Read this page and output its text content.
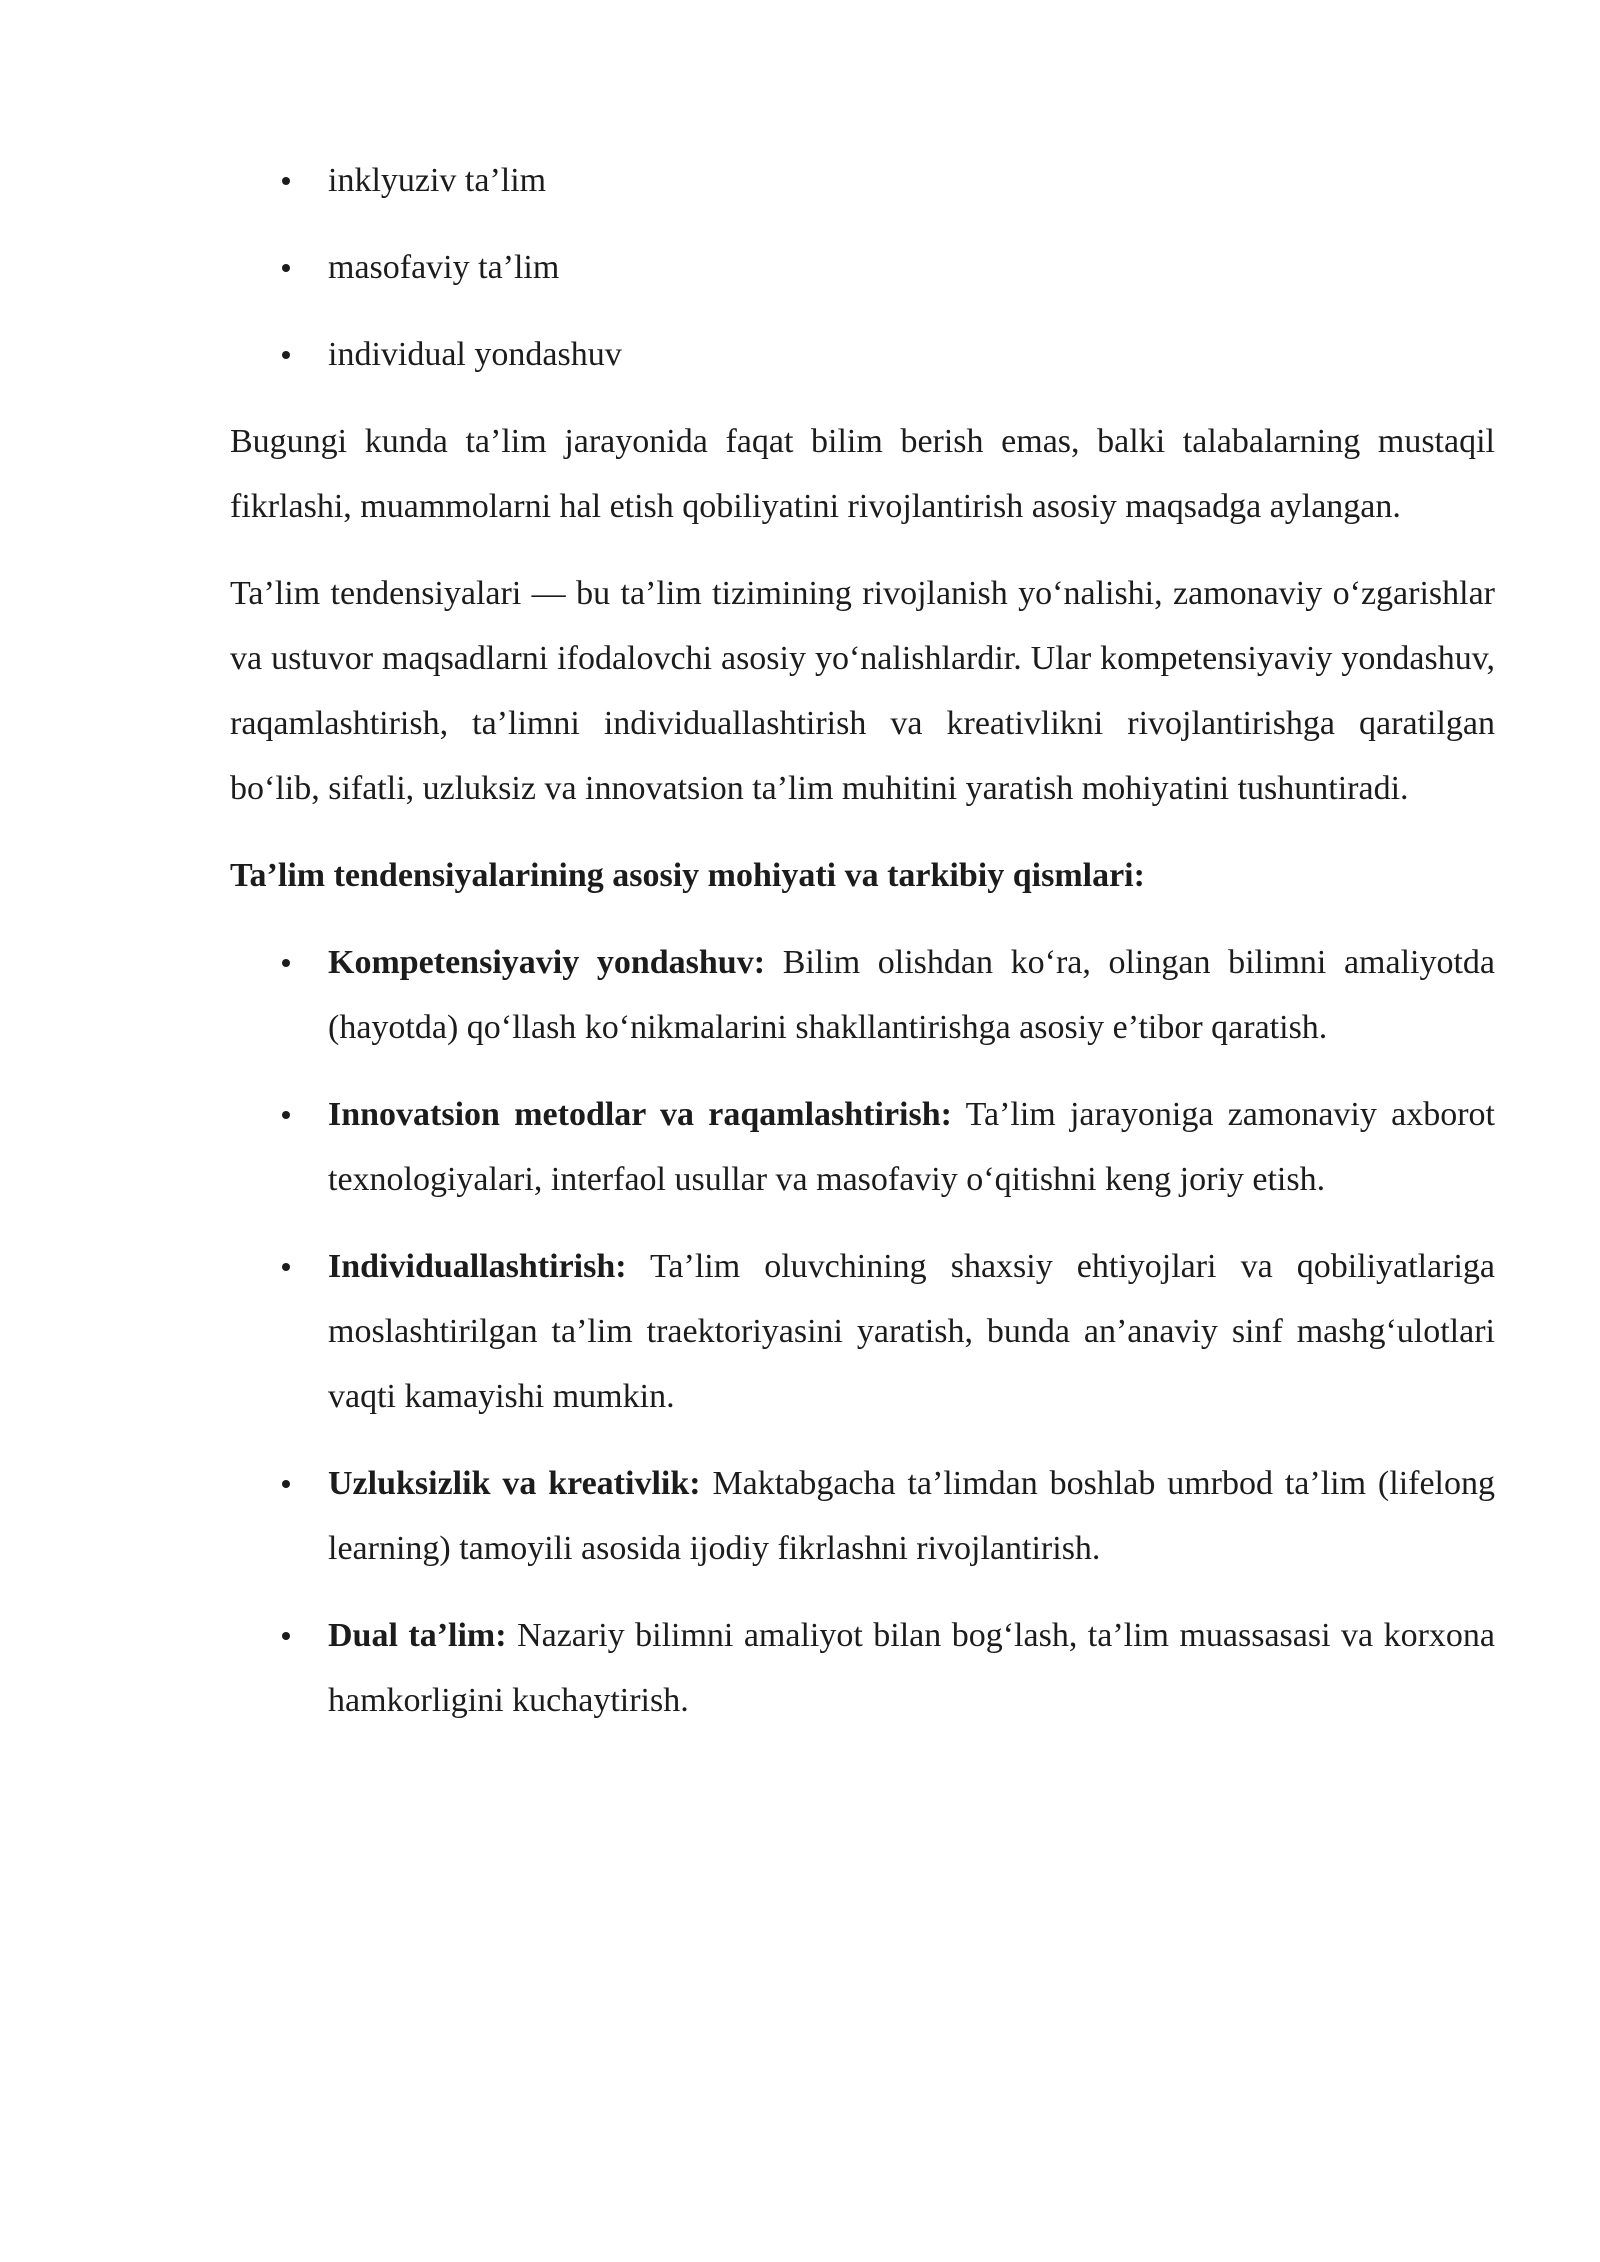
inklyuziv ta’lim
masofaviy ta’lim
individual yondashuv

Bugungi kunda ta’lim jarayonida faqat bilim berish emas, balki talabalarning mustaqil fikrlashi, muammolarni hal etish qobiliyatini rivojlantirish asosiy maqsadga aylangan.

Ta’lim tendensiyalari — bu ta’lim tizimining rivojlanish yo‘nalishi, zamonaviy o‘zgarishlar va ustuvor maqsadlarni ifodalovchi asosiy yo‘nalishlardir. Ular kompetensiyaviy yondashuv, raqamlashtirish, ta’limni individuallashtirish va kreativlikni rivojlantirishga qaratilgan bo‘lib, sifatli, uzluksiz va innovatsion ta’lim muhitini yaratish mohiyatini tushuntiradi.

Ta’lim tendensiyalarining asosiy mohiyati va tarkibiy qismlari:

Kompetensiyaviy yondashuv: Bilim olishdan ko‘ra, olingan bilimni amaliyotda (hayotda) qo‘llash ko‘nikmalarini shakllantirishga asosiy e’tibor qaratish.
Innovatsion metodlar va raqamlashtirish: Ta’lim jarayoniga zamonaviy axborot texnologiyalari, interfaol usullar va masofaviy o‘qitishni keng joriy etish.
Individuallashtirish: Ta’lim oluvchining shaxsiy ehtiyojlari va qobiliyatlariga moslashtirilgan ta’lim traektoriyasini yaratish, bunda an’anaviy sinf mashg‘ulotlari vaqti kamayishi mumkin.
Uzluksizlik va kreativlik: Maktabgacha ta’limdan boshlab umrbod ta’lim (lifelong learning) tamoyili asosida ijodiy fikrlashni rivojlantirish.
Dual ta’lim: Nazariy bilimni amaliyot bilan bog‘lash, ta’lim muassasasi va korxona hamkorligini kuchaytirish.
